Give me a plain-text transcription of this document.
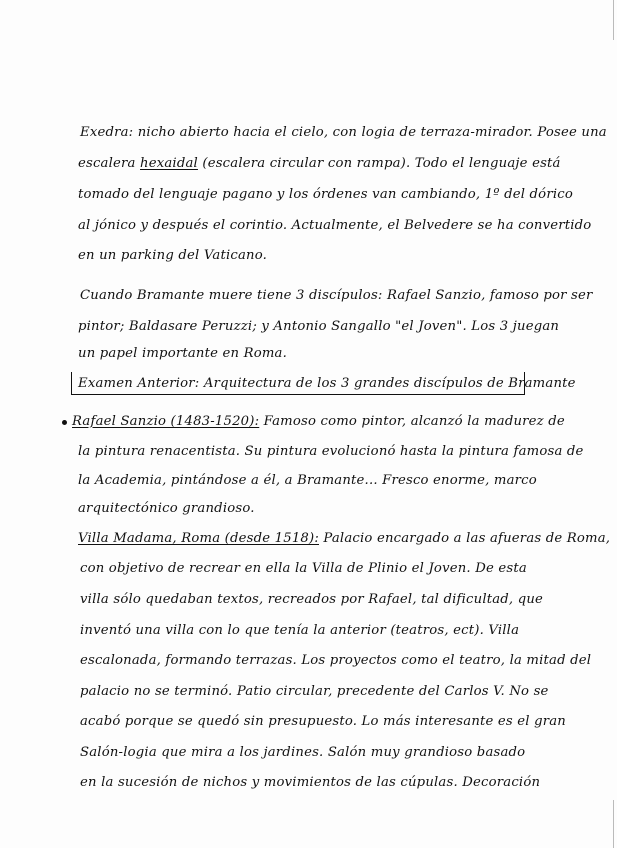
Exedra: nicho abierto hacia el cielo, con logia de terraza-mirador. Posee una
escalera hexaidal (escalera circular con rampa). Todo el lenguaje está
tomado del lenguaje pagano y los órdenes van cambiando, 1º del dórico
al jónico y después el corintio. Actualmente, el Belvedere se ha convertido
en un parking del Vaticano.
Cuando Bramante muere tiene 3 discípulos: Rafael Sanzio, famoso por ser
pintor; Baldasare Peruzzi; y Antonio Sangallo "el Joven". Los 3 juegan
un papel importante en Roma.
Examen Anterior: Arquitectura de los 3 grandes discípulos de Bramante
Rafael Sanzio (1483-1520): Famoso como pintor, alcanzó la madurez de
la pintura renacentista. Su pintura evolucionó hasta la pintura famosa de
la Academia, pintándose a él, a Bramante... Fresco enorme, marco
arquitectónico grandioso.
Villa Madama, Roma (desde 1518): Palacio encargado a las afueras de Roma,
con objetivo de recrear en ella la Villa de Plinio el Joven. De esta
villa sólo quedaban textos, recreados por Rafael, tal dificultad, que
inventó una villa con lo que tenía la anterior (teatros, ect). Villa
escalonada, formando terrazas. Los proyectos como el teatro, la mitad del
palacio no se terminó. Patio circular, precedente del Carlos V. No se
acabó porque se quedó sin presupuesto. Lo más interesante es el gran
Salón-logia que mira a los jardines. Salón muy grandioso basado
en la sucesión de nichos y movimientos de las cúpulas. Decoración
